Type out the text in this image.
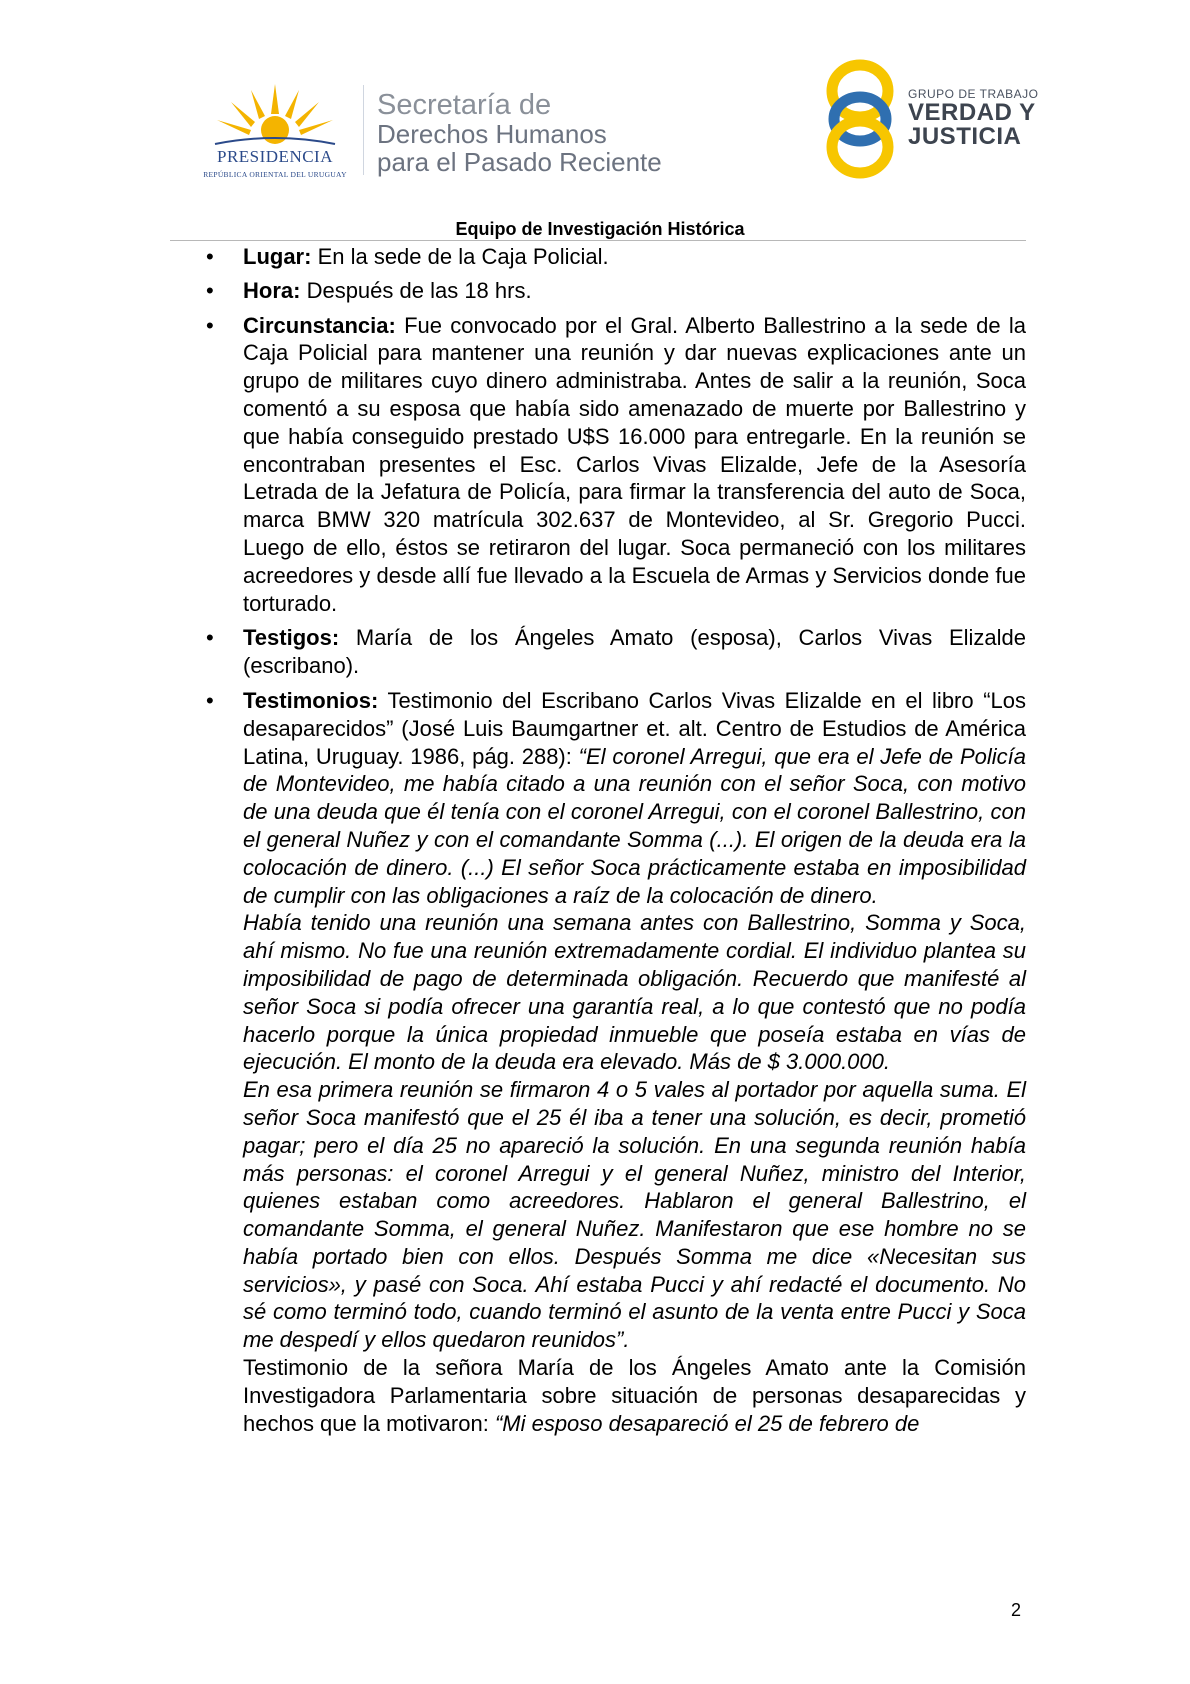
PRESIDENCIA
REPÚBLICA ORIENTAL DEL URUGUAY
Secretaría de
Derechos Humanos
para el Pasado Reciente
GRUPO DE TRABAJO
VERDAD Y
JUSTICIA
Equipo de Investigación Histórica
• Lugar: En la sede de la Caja Policial.
• Hora: Después de las 18 hrs.
• Circunstancia: Fue convocado por el Gral. Alberto Ballestrino a la sede de la Caja Policial para mantener una reunión y dar nuevas explicaciones ante un grupo de militares cuyo dinero administraba. Antes de salir a la reunión, Soca comentó a su esposa que había sido amenazado de muerte por Ballestrino y que había conseguido prestado U$S 16.000 para entregarle. En la reunión se encontraban presentes el Esc. Carlos Vivas Elizalde, Jefe de la Asesoría Letrada de la Jefatura de Policía, para firmar la transferencia del auto de Soca, marca BMW 320 matrícula 302.637 de Montevideo, al Sr. Gregorio Pucci. Luego de ello, éstos se retiraron del lugar. Soca permaneció con los militares acreedores y desde allí fue llevado a la Escuela de Armas y Servicios donde fue torturado.
• Testigos: María de los Ángeles Amato (esposa), Carlos Vivas Elizalde (escribano).
• Testimonios: Testimonio del Escribano Carlos Vivas Elizalde en el libro “Los desaparecidos” (José Luis Baumgartner et. alt. Centro de Estudios de América Latina, Uruguay. 1986, pág. 288): “El coronel Arregui, que era el Jefe de Policía de Montevideo, me había citado a una reunión con el señor Soca, con motivo de una deuda que él tenía con el coronel Arregui, con el coronel Ballestrino, con el general Nuñez y con el comandante Somma (...). El origen de la deuda era la colocación de dinero. (...) El señor Soca prácticamente estaba en imposibilidad de cumplir con las obligaciones a raíz de la colocación de dinero.

Había tenido una reunión una semana antes con Ballestrino, Somma y Soca, ahí mismo. No fue una reunión extremadamente cordial. El individuo plantea su imposibilidad de pago de determinada obligación. Recuerdo que manifesté al señor Soca si podía ofrecer una garantía real, a lo que contestó que no podía hacerlo porque la única propiedad inmueble que poseía estaba en vías de ejecución. El monto de la deuda era elevado. Más de $ 3.000.000.

En esa primera reunión se firmaron 4 o 5 vales al portador por aquella suma. El señor Soca manifestó que el 25 él iba a tener una solución, es decir, prometió pagar; pero el día 25 no apareció la solución. En una segunda reunión había más personas: el coronel Arregui y el general Nuñez, ministro del Interior, quienes estaban como acreedores. Hablaron el general Ballestrino, el comandante Somma, el general Nuñez. Manifestaron que ese hombre no se había portado bien con ellos. Después Somma me dice «Necesitan sus servicios», y pasé con Soca. Ahí estaba Pucci y ahí redacté el documento. No sé como terminó todo, cuando terminó el asunto de la venta entre Pucci y Soca me despedí y ellos quedaron reunidos”.

Testimonio de la señora María de los Ángeles Amato ante la Comisión Investigadora Parlamentaria sobre situación de personas desaparecidas y hechos que la motivaron: “Mi esposo desapareció el 25 de febrero de

2
